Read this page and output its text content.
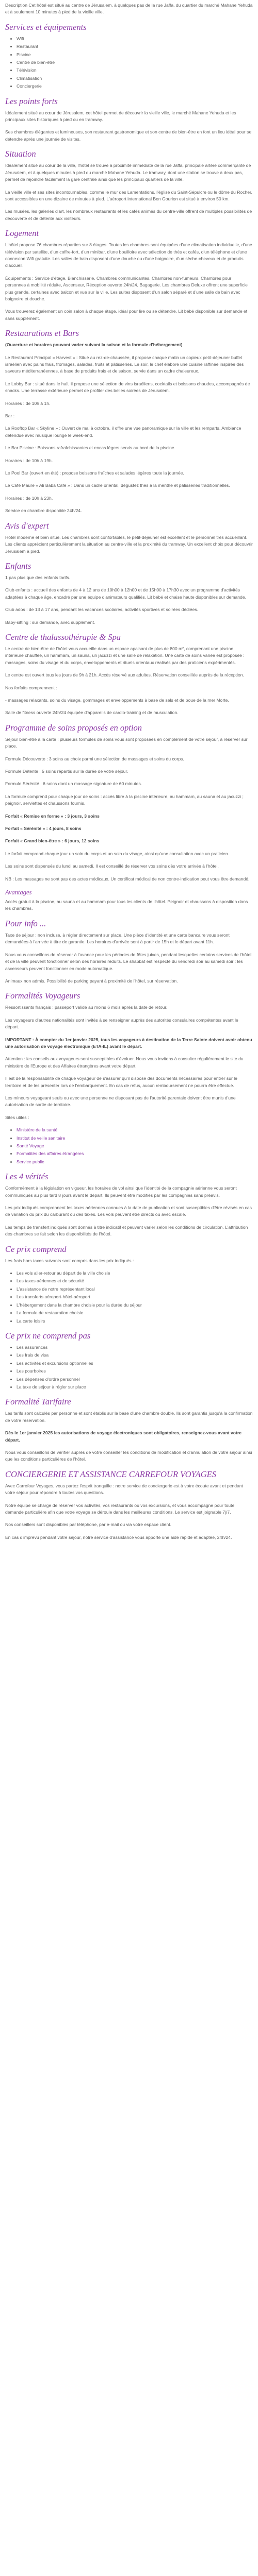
Description Cet hôtel est situé au centre de Jérusalem, à quelques pas de la rue Jaffa, du quartier du marché Mahane Yehuda et à seulement 10 minutes à pied de la vieille ville.

Services et équipements
• Wifi
• Restaurant
• Piscine
• Centre de bien-être
• Télévision
• Climatisation
• Conciergerie
Les points forts

Idéalement situé au cœur de Jérusalem, cet hôtel permet de découvrir la vieille ville, le marché Mahane Yehuda et les principaux sites historiques à pied ou en tramway.

Ses chambres élégantes et lumineuses, son restaurant gastronomique et son centre de bien-être en font un lieu idéal pour se détendre après une journée de visites.

Situation

Idéalement situé au cœur de la ville, l'hôtel se trouve à proximité immédiate de la rue Jaffa, principale artère commerçante de Jérusalem, et à quelques minutes à pied du marché Mahane Yehuda. Le tramway, dont une station se trouve à deux pas, permet de rejoindre facilement la gare centrale ainsi que les principaux quartiers de la ville.

La vieille ville et ses sites incontournables, comme le mur des Lamentations, l'église du Saint-Sépulcre ou le dôme du Rocher, sont accessibles en une dizaine de minutes à pied. L'aéroport international Ben Gourion est situé à environ 50 km.

Les musées, les galeries d'art, les nombreux restaurants et les cafés animés du centre-ville offrent de multiples possibilités de découverte et de détente aux visiteurs.

Logement

L'hôtel propose 76 chambres réparties sur 8 étages. Toutes les chambres sont équipées d'une climatisation individuelle, d'une télévision par satellite, d'un coffre-fort, d'un minibar, d'une bouilloire avec sélection de thés et cafés, d'un téléphone et d'une connexion Wifi gratuite. Les salles de bain disposent d'une douche ou d'une baignoire, d'un sèche-cheveux et de produits d'accueil.

Équipements : Service d'étage, Blanchisserie, Chambres communicantes, Chambres non-fumeurs, Chambres pour personnes à mobilité réduite, Ascenseur, Réception ouverte 24h/24, Bagagerie. Les chambres Deluxe offrent une superficie plus grande, certaines avec balcon et vue sur la ville. Les suites disposent d'un salon séparé et d'une salle de bain avec baignoire et douche.

Vous trouverez également un coin salon à chaque étage, idéal pour lire ou se détendre. Lit bébé disponible sur demande et sans supplément.

Restaurations et Bars

(Ouverture et horaires pouvant varier suivant la saison et la formule d'hébergement)

Le Restaurant Principal « Harvest » : Situé au rez-de-chaussée, il propose chaque matin un copieux petit-déjeuner buffet israélien avec pains frais, fromages, salades, fruits et pâtisseries. Le soir, le chef élabore une cuisine raffinée inspirée des saveurs méditerranéennes, à base de produits frais et de saison, servie dans un cadre chaleureux.

Le Lobby Bar : situé dans le hall, il propose une sélection de vins israéliens, cocktails et boissons chaudes, accompagnés de snacks. Une terrasse extérieure permet de profiter des belles soirées de Jérusalem.

Horaires : de 10h à 1h.

Bar :

Le Rooftop Bar « Skyline » : Ouvert de mai à octobre, il offre une vue panoramique sur la ville et les remparts. Ambiance détendue avec musique lounge le week-end.

Le Bar Piscine : Boissons rafraîchissantes et encas légers servis au bord de la piscine.

Horaires : de 10h à 19h.

Le Pool Bar (ouvert en été) : propose boissons fraîches et salades légères toute la journée.

Le Café Maure « Ali Baba Café » : Dans un cadre oriental, dégustez thés à la menthe et pâtisseries traditionnelles.

Horaires : de 10h à 23h.

Service en chambre disponible 24h/24.

Avis d'expert

Hôtel moderne et bien situé. Les chambres sont confortables, le petit-déjeuner est excellent et le personnel très accueillant. Les clients apprécient particulièrement la situation au centre-ville et la proximité du tramway. Un excellent choix pour découvrir Jérusalem à pied.

Enfants

1 pas plus que des enfants tarifs.

Club enfants : accueil des enfants de 4 à 12 ans de 10h00 à 12h00 et de 15h00 à 17h30 avec un programme d'activités adaptées à chaque âge, encadré par une équipe d'animateurs qualifiés. Lit bébé et chaise haute disponibles sur demande.

Club ados : de 13 à 17 ans, pendant les vacances scolaires, activités sportives et soirées dédiées.

Baby-sitting : sur demande, avec supplément.

Centre de thalassothérapie & Spa

Le centre de bien-être de l'hôtel vous accueille dans un espace apaisant de plus de 800 m², comprenant une piscine intérieure chauffée, un hammam, un sauna, un jacuzzi et une salle de relaxation. Une carte de soins variée est proposée : massages, soins du visage et du corps, enveloppements et rituels orientaux réalisés par des praticiens expérimentés.

Le centre est ouvert tous les jours de 9h à 21h. Accès réservé aux adultes. Réservation conseillée auprès de la réception.

Nos forfaits comprennent :

- massages relaxants, soins du visage, gommages et enveloppements à base de sels et de boue de la mer Morte.

Salle de fitness ouverte 24h/24 équipée d'appareils de cardio-training et de musculation.

Programme de soins proposés en option

Séjour bien-être à la carte : plusieurs formules de soins vous sont proposées en complément de votre séjour, à réserver sur place.

Formule Découverte : 3 soins au choix parmi une sélection de massages et soins du corps.

Formule Détente : 5 soins répartis sur la durée de votre séjour.

Formule Sérénité : 6 soins dont un massage signature de 60 minutes.

La formule comprend pour chaque jour de soins : accès libre à la piscine intérieure, au hammam, au sauna et au jacuzzi ; peignoir, serviettes et chaussons fournis.

Forfait « Remise en forme » : 3 jours, 3 soins

Forfait « Sérénité » : 4 jours, 8 soins

Forfait « Grand bien-être » : 6 jours, 12 soins

Le forfait comprend chaque jour un soin du corps et un soin du visage, ainsi qu'une consultation avec un praticien.

Les soins sont dispensés du lundi au samedi. Il est conseillé de réserver vos soins dès votre arrivée à l'hôtel.

NB : Les massages ne sont pas des actes médicaux. Un certificat médical de non contre-indication peut vous être demandé.

Avantages

Accès gratuit à la piscine, au sauna et au hammam pour tous les clients de l'hôtel. Peignoir et chaussons à disposition dans les chambres.

Pour info ...

Taxe de séjour : non incluse, à régler directement sur place. Une pièce d'identité et une carte bancaire vous seront demandées à l'arrivée à titre de garantie. Les horaires d'arrivée sont à partir de 15h et le départ avant 11h.

Nous vous conseillons de réserver à l'avance pour les périodes de fêtes juives, pendant lesquelles certains services de l'hôtel et de la ville peuvent fonctionner selon des horaires réduits. Le shabbat est respecté du vendredi soir au samedi soir : les ascenseurs peuvent fonctionner en mode automatique.

Animaux non admis. Possibilité de parking payant à proximité de l'hôtel, sur réservation.

Formalités Voyageurs

Ressortissants français : passeport valide au moins 6 mois après la date de retour.

Les voyageurs d'autres nationalités sont invités à se renseigner auprès des autorités consulaires compétentes avant le départ.

IMPORTANT : À compter du 1er janvier 2025, tous les voyageurs à destination de la Terre Sainte doivent avoir obtenu une autorisation de voyage électronique (ETA-IL) avant le départ.

Attention : les conseils aux voyageurs sont susceptibles d'évoluer. Nous vous invitons à consulter régulièrement le site du ministère de l'Europe et des Affaires étrangères avant votre départ.

Il est de la responsabilité de chaque voyageur de s'assurer qu'il dispose des documents nécessaires pour entrer sur le territoire et de les présenter lors de l'embarquement. En cas de refus, aucun remboursement ne pourra être effectué.

Les mineurs voyageant seuls ou avec une personne ne disposant pas de l'autorité parentale doivent être munis d'une autorisation de sortie de territoire.

Sites utiles :

• Ministère de la santé
• Institut de veille sanitaire
• Santé Voyage
• Formalités des affaires étrangères
• Service public
Les 4 vérités

Conformément à la législation en vigueur, les horaires de vol ainsi que l'identité de la compagnie aérienne vous seront communiqués au plus tard 8 jours avant le départ. Ils peuvent être modifiés par les compagnies sans préavis.

Les prix indiqués comprennent les taxes aériennes connues à la date de publication et sont susceptibles d'être révisés en cas de variation du prix du carburant ou des taxes. Les vols peuvent être directs ou avec escale.

Les temps de transfert indiqués sont donnés à titre indicatif et peuvent varier selon les conditions de circulation. L'attribution des chambres se fait selon les disponibilités de l'hôtel.

Ce prix comprend

Les frais hors taxes suivants sont compris dans les prix indiqués :

• Les vols aller-retour au départ de la ville choisie
• Les taxes aériennes et de sécurité
• L'assistance de notre représentant local
• Les transferts aéroport-hôtel-aéroport
• L'hébergement dans la chambre choisie pour la durée du séjour
• La formule de restauration choisie
• La carte loisirs
Ce prix ne comprend pas
• Les assurances
• Les frais de visa
• Les activités et excursions optionnelles
• Les pourboires
• Les dépenses d'ordre personnel
• La taxe de séjour à régler sur place
Formalité Tarifaire

Les tarifs sont calculés par personne et sont établis sur la base d'une chambre double. Ils sont garantis jusqu'à la confirmation de votre réservation.

Dès le 1er janvier 2025 les autorisations de voyage électroniques sont obligatoires, renseignez-vous avant votre départ.

Nous vous conseillons de vérifier auprès de votre conseiller les conditions de modification et d'annulation de votre séjour ainsi que les conditions particulières de l'hôtel.

CONCIERGERIE ET ASSISTANCE CARREFOUR VOYAGES

Avec Carrefour Voyages, vous partez l'esprit tranquille : notre service de conciergerie est à votre écoute avant et pendant votre séjour pour répondre à toutes vos questions.

Notre équipe se charge de réserver vos activités, vos restaurants ou vos excursions, et vous accompagne pour toute demande particulière afin que votre voyage se déroule dans les meilleures conditions. Le service est joignable 7j/7.

Nos conseillers sont disponibles par téléphone, par e-mail ou via votre espace client.

En cas d'imprévu pendant votre séjour, notre service d'assistance vous apporte une aide rapide et adaptée, 24h/24.
